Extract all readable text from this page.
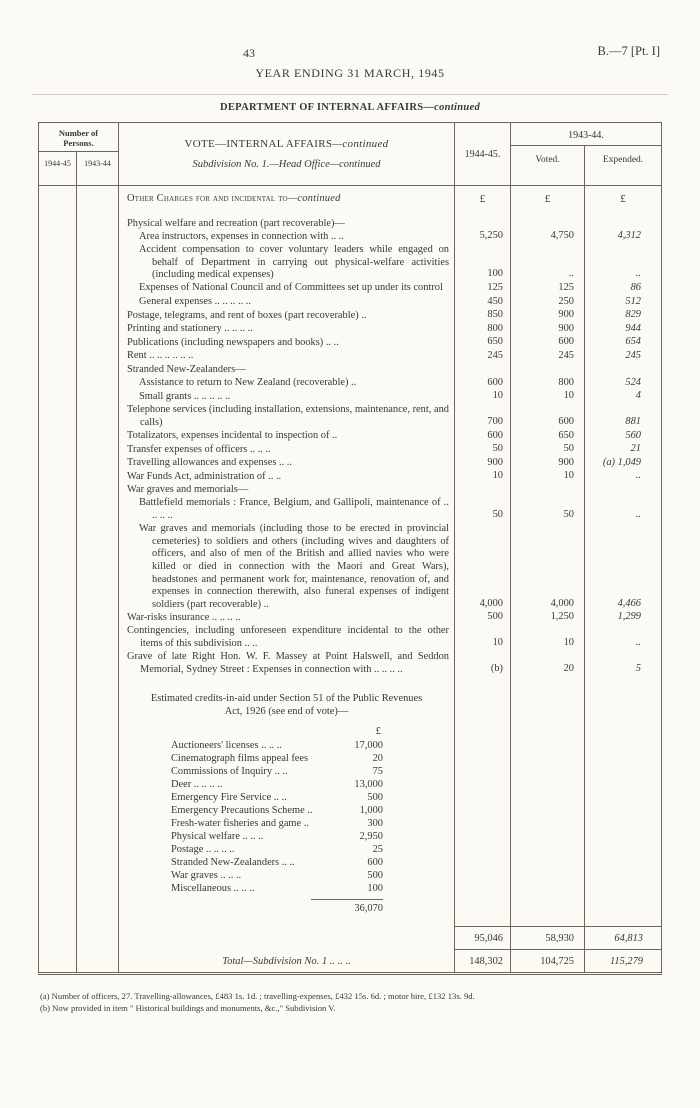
43	B.—7 [Pt. I]
YEAR ENDING 31 MARCH, 1945
DEPARTMENT OF INTERNAL AFFAIRS—continued
Number of Persons.
1944-45	1943-44
VOTE—INTERNAL AFFAIRS—continued
Subdivision No. 1.—Head Office—continued
1944-45.
1943-44.
Voted.	Expended.
Other Charges for and incidental to—continued	£	£	£
Physical welfare and recreation (part recoverable)—
Area instructors, expenses in connection with .. ..	5,250	4,750	4,312
Accident compensation to cover voluntary leaders while engaged on behalf of Department in carrying out physical-welfare activities (including medical expenses)	100	..	..
Expenses of National Council and of Committees set up under its control	125	125	86
General expenses .. .. .. .. ..	450	250	512
Postage, telegrams, and rent of boxes (part recoverable) ..	850	900	829
Printing and stationery .. .. .. ..	800	900	944
Publications (including newspapers and books) .. ..	650	600	654
Rent .. .. .. .. .. ..	245	245	245
Stranded New-Zealanders—
Assistance to return to New Zealand (recoverable) ..	600	800	524
Small grants .. .. .. .. ..	10	10	4
Telephone services (including installation, extensions, maintenance, rent, and calls)	700	600	881
Totalizators, expenses incidental to inspection of ..	600	650	560
Transfer expenses of officers .. .. ..	50	50	21
Travelling allowances and expenses .. ..	900	900	(a) 1,049
War Funds Act, administration of .. ..	10	10	..
War graves and memorials—
Battlefield memorials : France, Belgium, and Gallipoli, maintenance of .. .. .. ..	50	50	..
War graves and memorials (including those to be erected in provincial cemeteries) to soldiers and others (including wives and daughters of officers, and also of men of the British and allied navies who were killed or died in connection with the Maori and Great Wars), headstones and permanent work for, maintenance, renovation of, and expenses in connection therewith, also funeral expenses of indigent soldiers (part recoverable) ..	4,000	4,000	4,466
War-risks insurance .. .. .. ..	500	1,250	1,299
Contingencies, including unforeseen expenditure incidental to the other items of this subdivision .. ..	10	10	..
Grave of late Right Hon. W. F. Massey at Point Halswell, and Seddon Memorial, Sydney Street : Expenses in connection with .. .. .. ..	(b)	20	5
Estimated credits-in-aid under Section 51 of the Public Revenues Act, 1926 (see end of vote)—
£
Auctioneers' licenses .. .. ..	17,000
Cinematograph films appeal fees	20
Commissions of Inquiry .. ..	75
Deer .. .. .. ..	13,000
Emergency Fire Service .. ..	500
Emergency Precautions Scheme ..	1,000
Fresh-water fisheries and game ..	300
Physical welfare .. .. ..	2,950
Postage .. .. .. ..	25
Stranded New-Zealanders .. ..	600
War graves .. .. ..	500
Miscellaneous .. .. ..	100
36,070
95,046	58,930	64,813
Total—Subdivision No. 1 .. .. ..	148,302	104,725	115,279
(a) Number of officers, 27. Travelling-allowances, £483 1s. 1d. ; travelling-expenses, £432 15s. 6d. ; motor hire, £132 13s. 9d.
(b) Now provided in item " Historical buildings and monuments, &c.," Subdivision V.
